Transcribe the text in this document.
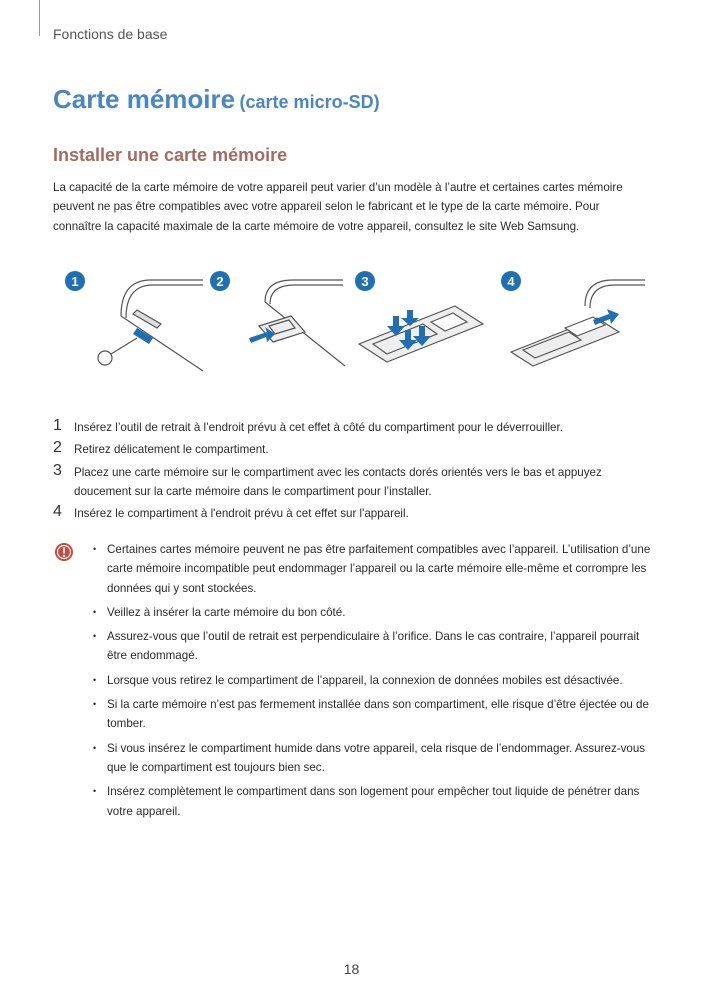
Fonctions de base
Carte mémoire (carte micro-SD)
Installer une carte mémoire

La capacité de la carte mémoire de votre appareil peut varier d’un modèle à l’autre et certaines cartes mémoire peuvent ne pas être compatibles avec votre appareil selon le fabricant et le type de la carte mémoire. Pour connaître la capacité maximale de la carte mémoire de votre appareil, consultez le site Web Samsung.

1	2	3	4
1 Insérez l’outil de retrait à l’endroit prévu à cet effet à côté du compartiment pour le déverrouiller.
2 Retirez délicatement le compartiment.
3 Placez une carte mémoire sur le compartiment avec les contacts dorés orientés vers le bas et appuyez doucement sur la carte mémoire dans le compartiment pour l’installer.
4 Insérez le compartiment à l'endroit prévu à cet effet sur l'appareil.
• Certaines cartes mémoire peuvent ne pas être parfaitement compatibles avec l’appareil. L’utilisation d’une carte mémoire incompatible peut endommager l’appareil ou la carte mémoire elle-même et corrompre les données qui y sont stockées.
• Veillez à insérer la carte mémoire du bon côté.
• Assurez-vous que l’outil de retrait est perpendiculaire à l’orifice. Dans le cas contraire, l’appareil pourrait être endommagé.
• Lorsque vous retirez le compartiment de l’appareil, la connexion de données mobiles est désactivée.
• Si la carte mémoire n’est pas fermement installée dans son compartiment, elle risque d’être éjectée ou de tomber.
• Si vous insérez le compartiment humide dans votre appareil, cela risque de l’endommager. Assurez-vous que le compartiment est toujours bien sec.
• Insérez complètement le compartiment dans son logement pour empêcher tout liquide de pénétrer dans votre appareil.
18
